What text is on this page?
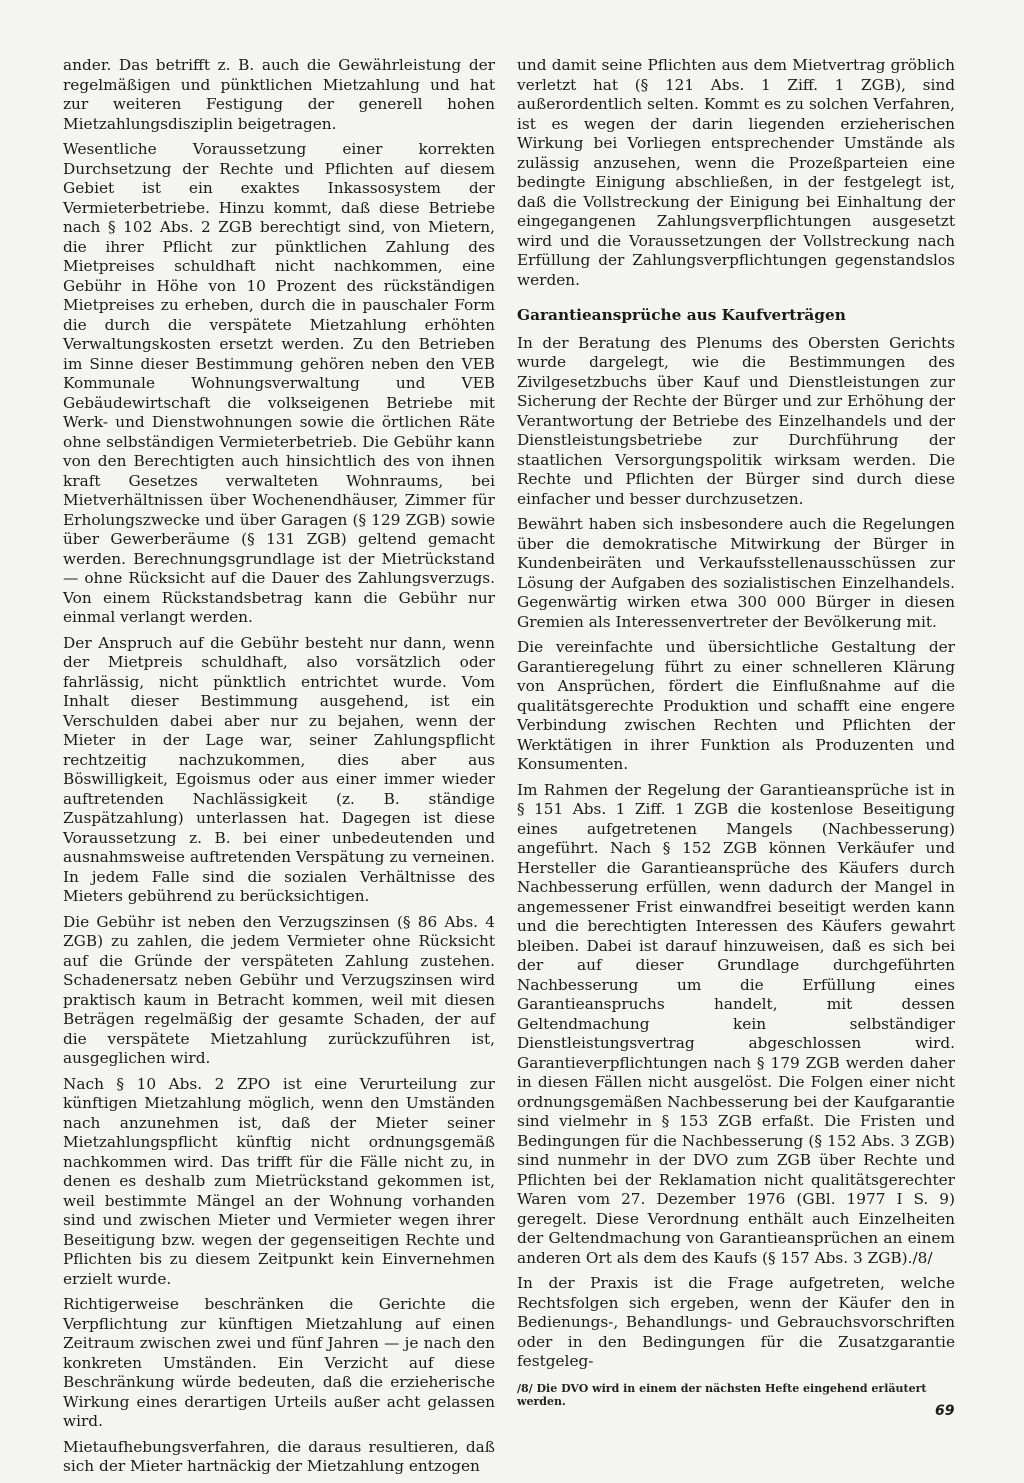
ander. Das betrifft z. B. auch die Gewährleistung der regelmäßigen und pünktlichen Mietzahlung und hat zur weiteren Festigung der generell hohen Mietzahlungsdisziplin beigetragen.

Wesentliche Voraussetzung einer korrekten Durchsetzung der Rechte und Pflichten auf diesem Gebiet ist ein exaktes Inkassosystem der Vermieterbetriebe. Hinzu kommt, daß diese Betriebe nach § 102 Abs. 2 ZGB berechtigt sind, von Mietern, die ihrer Pflicht zur pünktlichen Zahlung des Mietpreises schuldhaft nicht nachkommen, eine Gebühr in Höhe von 10 Prozent des rückständigen Mietpreises zu erheben, durch die in pauschaler Form die durch die verspätete Mietzahlung erhöhten Verwaltungskosten ersetzt werden. Zu den Betrieben im Sinne dieser Bestimmung gehören neben den VEB Kommunale Wohnungsverwaltung und VEB Gebäudewirtschaft die volkseigenen Betriebe mit Werk- und Dienstwohnungen sowie die örtlichen Räte ohne selbständigen Vermieterbetrieb. Die Gebühr kann von den Berechtigten auch hinsichtlich des von ihnen kraft Gesetzes verwalteten Wohnraums, bei Mietverhältnissen über Wochenendhäuser, Zimmer für Erholungszwecke und über Garagen (§ 129 ZGB) sowie über Gewerberäume (§ 131 ZGB) geltend gemacht werden. Berechnungsgrundlage ist der Mietrückstand — ohne Rücksicht auf die Dauer des Zahlungsverzugs. Von einem Rückstandsbetrag kann die Gebühr nur einmal verlangt werden.

Der Anspruch auf die Gebühr besteht nur dann, wenn der Mietpreis schuldhaft, also vorsätzlich oder fahrlässig, nicht pünktlich entrichtet wurde. Vom Inhalt dieser Bestimmung ausgehend, ist ein Verschulden dabei aber nur zu bejahen, wenn der Mieter in der Lage war, seiner Zahlungspflicht rechtzeitig nachzukommen, dies aber aus Böswilligkeit, Egoismus oder aus einer immer wieder auftretenden Nachlässigkeit (z. B. ständige Zuspätzahlung) unterlassen hat. Dagegen ist diese Voraussetzung z. B. bei einer unbedeutenden und ausnahmsweise auftretenden Verspätung zu verneinen. In jedem Falle sind die sozialen Verhältnisse des Mieters gebührend zu berücksichtigen.

Die Gebühr ist neben den Verzugszinsen (§ 86 Abs. 4 ZGB) zu zahlen, die jedem Vermieter ohne Rücksicht auf die Gründe der verspäteten Zahlung zustehen. Schadenersatz neben Gebühr und Verzugszinsen wird praktisch kaum in Betracht kommen, weil mit diesen Beträgen regelmäßig der gesamte Schaden, der auf die verspätete Mietzahlung zurückzuführen ist, ausgeglichen wird.

Nach § 10 Abs. 2 ZPO ist eine Verurteilung zur künftigen Mietzahlung möglich, wenn den Umständen nach anzunehmen ist, daß der Mieter seiner Mietzahlungspflicht künftig nicht ordnungsgemäß nachkommen wird. Das trifft für die Fälle nicht zu, in denen es deshalb zum Mietrückstand gekommen ist, weil bestimmte Mängel an der Wohnung vorhanden sind und zwischen Mieter und Vermieter wegen ihrer Beseitigung bzw. wegen der gegenseitigen Rechte und Pflichten bis zu diesem Zeitpunkt kein Einvernehmen erzielt wurde.

Richtigerweise beschränken die Gerichte die Verpflichtung zur künftigen Mietzahlung auf einen Zeitraum zwischen zwei und fünf Jahren — je nach den konkreten Umständen. Ein Verzicht auf diese Beschränkung würde bedeuten, daß die erzieherische Wirkung eines derartigen Urteils außer acht gelassen wird.

Mietaufhebungsverfahren, die daraus resultieren, daß sich der Mieter hartnäckig der Mietzahlung entzogen

und damit seine Pflichten aus dem Mietvertrag gröblich verletzt hat (§ 121 Abs. 1 Ziff. 1 ZGB), sind außerordentlich selten. Kommt es zu solchen Verfahren, ist es wegen der darin liegenden erzieherischen Wirkung bei Vorliegen entsprechender Umstände als zulässig anzusehen, wenn die Prozeßparteien eine bedingte Einigung abschließen, in der festgelegt ist, daß die Vollstreckung der Einigung bei Einhaltung der eingegangenen Zahlungsverpflichtungen ausgesetzt wird und die Voraussetzungen der Vollstreckung nach Erfüllung der Zahlungsverpflichtungen gegenstandslos werden.

Garantieansprüche aus Kaufverträgen

In der Beratung des Plenums des Obersten Gerichts wurde dargelegt, wie die Bestimmungen des Zivilgesetzbuchs über Kauf und Dienstleistungen zur Sicherung der Rechte der Bürger und zur Erhöhung der Verantwortung der Betriebe des Einzelhandels und der Dienstleistungsbetriebe zur Durchführung der staatlichen Versorgungspolitik wirksam werden. Die Rechte und Pflichten der Bürger sind durch diese einfacher und besser durchzusetzen.

Bewährt haben sich insbesondere auch die Regelungen über die demokratische Mitwirkung der Bürger in Kundenbeiräten und Verkaufsstellenausschüssen zur Lösung der Aufgaben des sozialistischen Einzelhandels. Gegenwärtig wirken etwa 300 000 Bürger in diesen Gremien als Interessenvertreter der Bevölkerung mit.

Die vereinfachte und übersichtliche Gestaltung der Garantieregelung führt zu einer schnelleren Klärung von Ansprüchen, fördert die Einflußnahme auf die qualitätsgerechte Produktion und schafft eine engere Verbindung zwischen Rechten und Pflichten der Werktätigen in ihrer Funktion als Produzenten und Konsumenten.

Im Rahmen der Regelung der Garantieansprüche ist in § 151 Abs. 1 Ziff. 1 ZGB die kostenlose Beseitigung eines aufgetretenen Mangels (Nachbesserung) angeführt. Nach § 152 ZGB können Verkäufer und Hersteller die Garantieansprüche des Käufers durch Nachbesserung erfüllen, wenn dadurch der Mangel in angemessener Frist einwandfrei beseitigt werden kann und die berechtigten Interessen des Käufers gewahrt bleiben. Dabei ist darauf hinzuweisen, daß es sich bei der auf dieser Grundlage durchgeführten Nachbesserung um die Erfüllung eines Garantieanspruchs handelt, mit dessen Geltendmachung kein selbständiger Dienstleistungsvertrag abgeschlossen wird. Garantieverpflichtungen nach § 179 ZGB werden daher in diesen Fällen nicht ausgelöst. Die Folgen einer nicht ordnungsgemäßen Nachbesserung bei der Kaufgarantie sind vielmehr in § 153 ZGB erfaßt. Die Fristen und Bedingungen für die Nachbesserung (§ 152 Abs. 3 ZGB) sind nunmehr in der DVO zum ZGB über Rechte und Pflichten bei der Reklamation nicht qualitätsgerechter Waren vom 27. Dezember 1976 (GBl. 1977 I S. 9) geregelt. Diese Verordnung enthält auch Einzelheiten der Geltendmachung von Garantieansprüchen an einem anderen Ort als dem des Kaufs (§ 157 Abs. 3 ZGB)./8/

In der Praxis ist die Frage aufgetreten, welche Rechtsfolgen sich ergeben, wenn der Käufer den in Bedienungs-, Behandlungs- und Gebrauchsvorschriften oder in den Bedingungen für die Zusatzgarantie festgeleg-

/8/ Die DVO wird in einem der nächsten Hefte eingehend erläutert werden.
69
